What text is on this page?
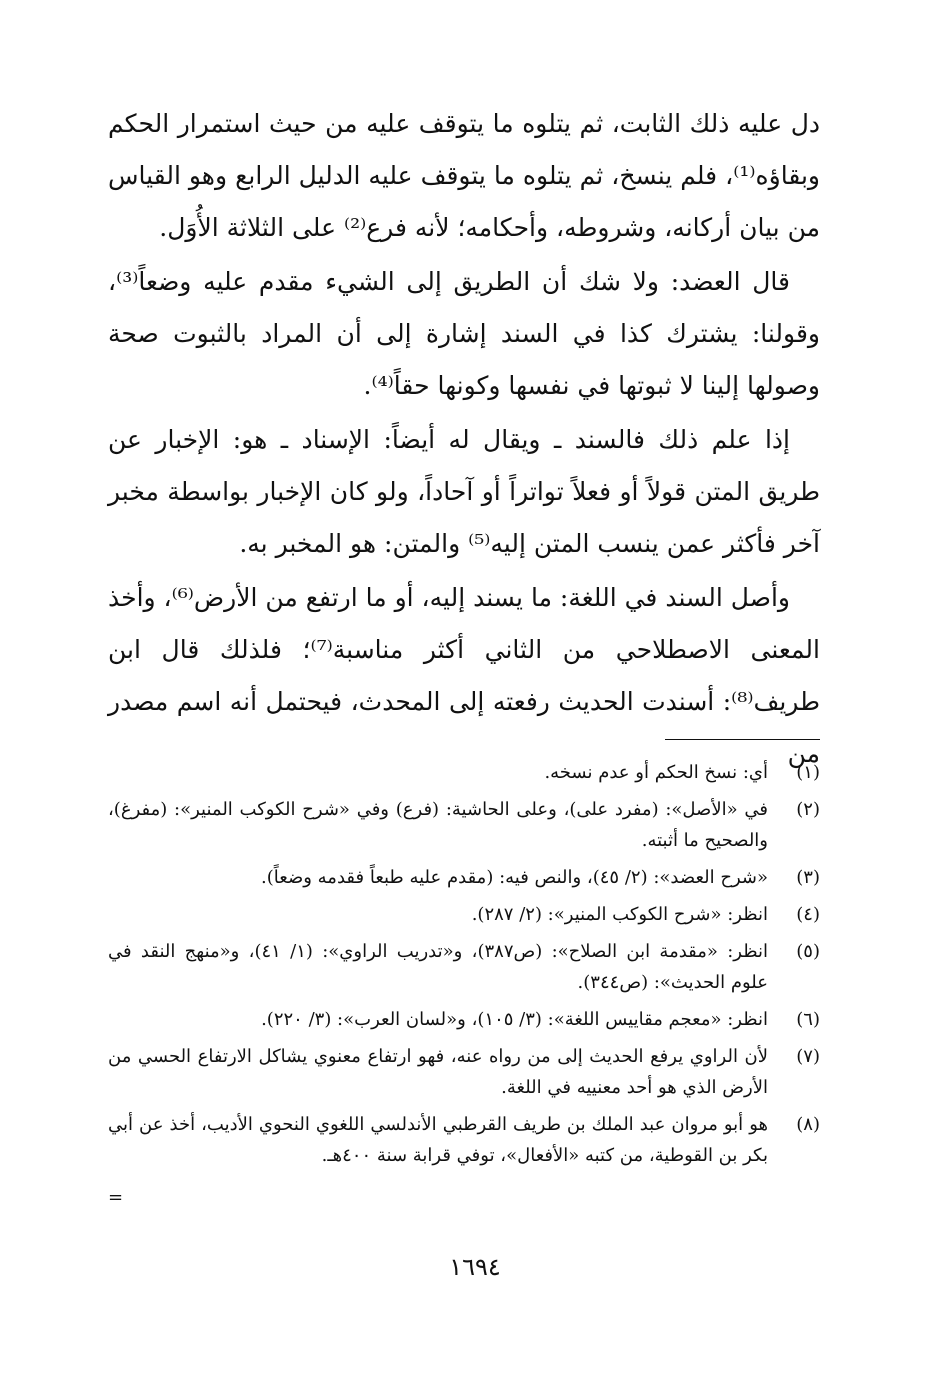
دل عليه ذلك الثابت، ثم يتلوه ما يتوقف عليه من حيث استمرار الحكم وبقاؤه⁽¹⁾، فلم ينسخ، ثم يتلوه ما يتوقف عليه الدليل الرابع وهو القياس من بيان أركانه، وشروطه، وأحكامه؛ لأنه فرع⁽²⁾ على الثلاثة الأُوَل.

قال العضد: ولا شك أن الطريق إلى الشيء مقدم عليه وضعاً⁽³⁾، وقولنا: يشترك كذا في السند إشارة إلى أن المراد بالثبوت صحة وصولها إلينا لا ثبوتها في نفسها وكونها حقاً⁽⁴⁾.

إذا علم ذلك فالسند ـ ويقال له أيضاً: الإسناد ـ هو: الإخبار عن طريق المتن قولاً أو فعلاً تواتراً أو آحاداً، ولو كان الإخبار بواسطة مخبر آخر فأكثر عمن ينسب المتن إليه⁽⁵⁾ والمتن: هو المخبر به.

وأصل السند في اللغة: ما يسند إليه، أو ما ارتفع من الأرض⁽⁶⁾، وأخذ المعنى الاصطلاحي من الثاني أكثر مناسبة⁽⁷⁾؛ فلذلك قال ابن طريف⁽⁸⁾: أسندت الحديث رفعته إلى المحدث، فيحتمل أنه اسم مصدر من

(١)
أي: نسخ الحكم أو عدم نسخه.
(٢)
في «الأصل»: (مفرد على)، وعلى الحاشية: (فرع) وفي «شرح الكوكب المنير»: (مفرغ)، والصحيح ما أثبته.
(٣)
«شرح العضد»: (٢/ ٤٥)، والنص فيه: (مقدم عليه طبعاً فقدمه وضعاً).
(٤)
انظر: «شرح الكوكب المنير»: (٢/ ٢٨٧).
(٥)
انظر: «مقدمة ابن الصلاح»: (ص٣٨٧)، و«تدريب الراوي»: (١/ ٤١)، و«منهج النقد في علوم الحديث»: (ص٣٤٤).
(٦)
انظر: «معجم مقاييس اللغة»: (٣/ ١٠٥)، و«لسان العرب»: (٣/ ٢٢٠).
(٧)
لأن الراوي يرفع الحديث إلى من رواه عنه، فهو ارتفاع معنوي يشاكل الارتفاع الحسي من الأرض الذي هو أحد معنييه في اللغة.
(٨)
هو أبو مروان عبد الملك بن طريف القرطبي الأندلسي اللغوي النحوي الأديب، أخذ عن أبي بكر بن القوطية، من كتبه «الأفعال»، توفي قرابة سنة ٤٠٠هـ.
=
١٦٩٤
